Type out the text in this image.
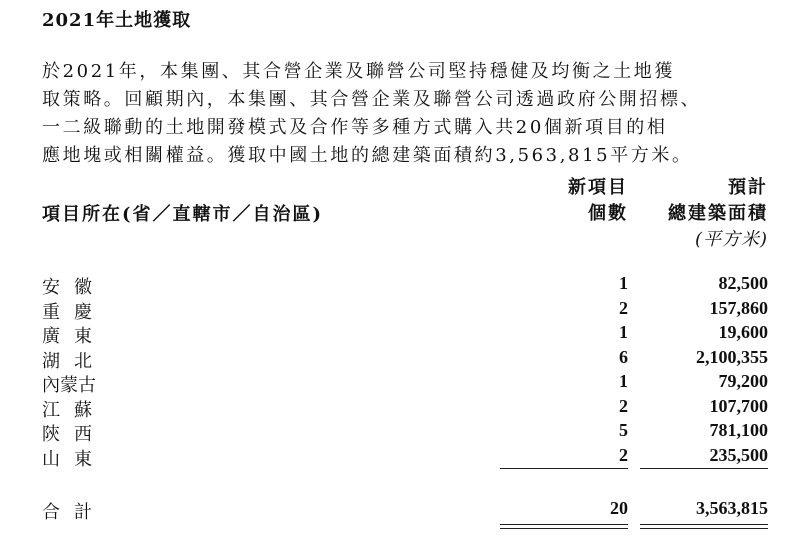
2021年土地獲取
於2021年，本集團、其合營企業及聯營公司堅持穩健及均衡之土地獲
取策略。回顧期內，本集團、其合營企業及聯營公司透過政府公開招標、
一二級聯動的土地開發模式及合作等多種方式購入共20個新項目的相
應地塊或相關權益。獲取中國土地的總建築面積約3,563,815平方米。
項目所在(省／直轄市／自治區)
新項目
個數
預計
總建築面積
(平方米)
安徽	1	82,500
重慶	2	157,860
廣東	1	19,600
湖北	6	2,100,355
內蒙古	1	79,200
江蘇	2	107,700
陝西	5	781,100
山東	2	235,500
合計	20	3,563,815
